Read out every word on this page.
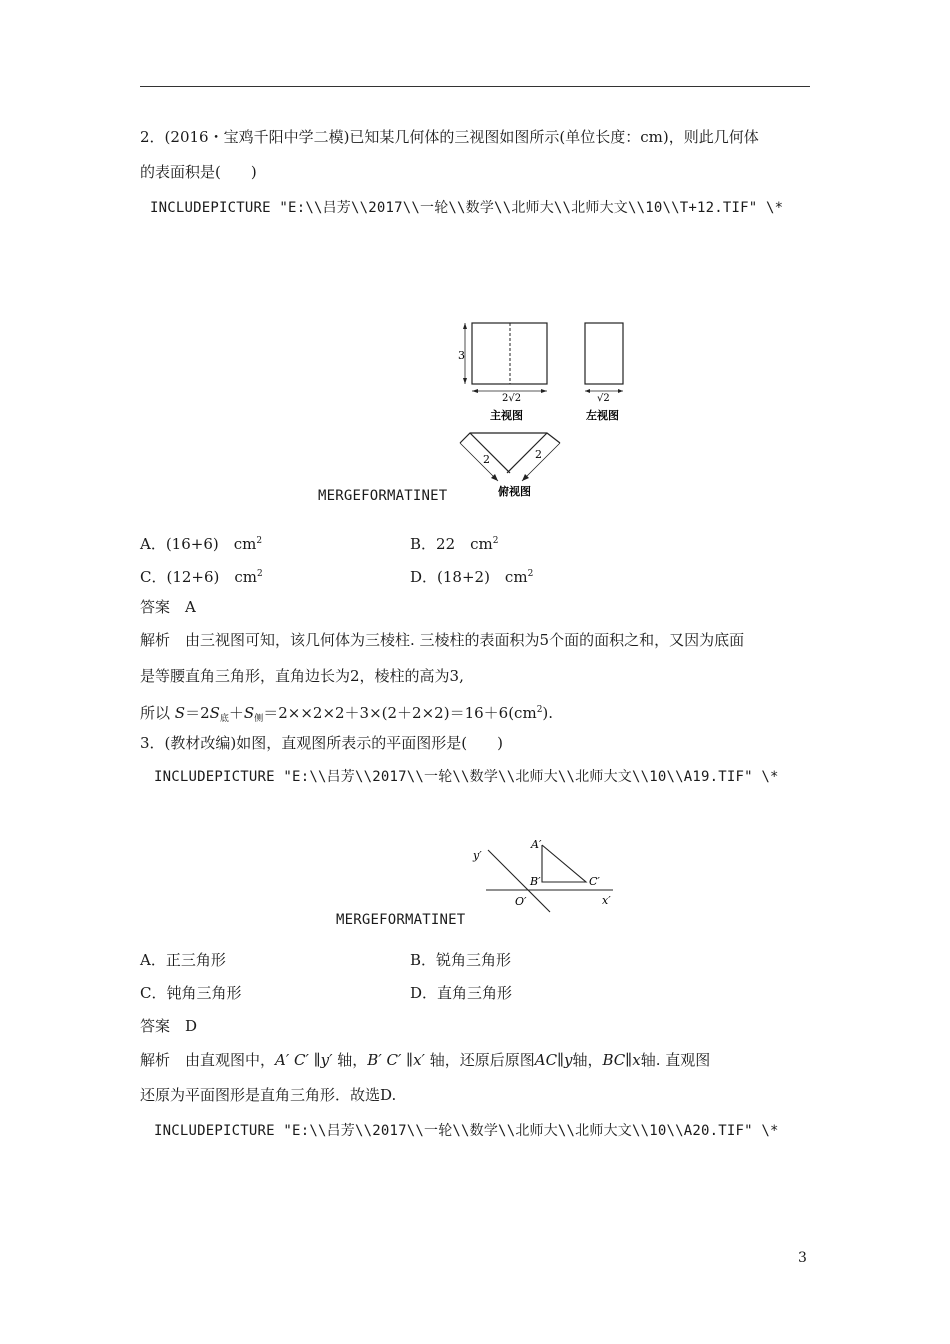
2．(2016・宝鸡千阳中学二模)已知某几何体的三视图如图所示(单位长度：cm)，则此几何体
的表面积是(　　)
INCLUDEPICTURE "E:\\吕芳\\2017\\一轮\\数学\\北师大\\北师大文\\10\\T+12.TIF" \*
3
2√2
主视图
√2
左视图
2	2
俯视图
MERGEFORMATINET
A．(16+6)　$cm^2$	B．22　$cm^2$
C．(12+6)　$cm^2$	D．(18+2)　$cm^2$
答案　A
解析　由三视图可知，该几何体为三棱柱. 三棱柱的表面积为5个面的面积之和，又因为底面
是等腰直角三角形，直角边长为2，棱柱的高为3,
所以 $S=2S_底+S_侧=2\times\times 2\times 2+3\times(2+2\times 2)=16+6(cm^2)$.
3．(教材改编)如图，直观图所表示的平面图形是(　　)
INCLUDEPICTURE "E:\\吕芳\\2017\\一轮\\数学\\北师大\\北师大文\\10\\A19.TIF" \*
y′
x′
O′
A′
B′	C′
MERGEFORMATINET
A．正三角形	B．锐角三角形
C．钝角三角形	D．直角三角形
答案　D
解析　由直观图中，A′ C′ ∥y′ 轴，B′ C′ ∥x′ 轴，还原后原图AC∥y轴，BC∥x轴. 直观图
还原为平面图形是直角三角形．故选D.
INCLUDEPICTURE "E:\\吕芳\\2017\\一轮\\数学\\北师大\\北师大文\\10\\A20.TIF" \*
3
